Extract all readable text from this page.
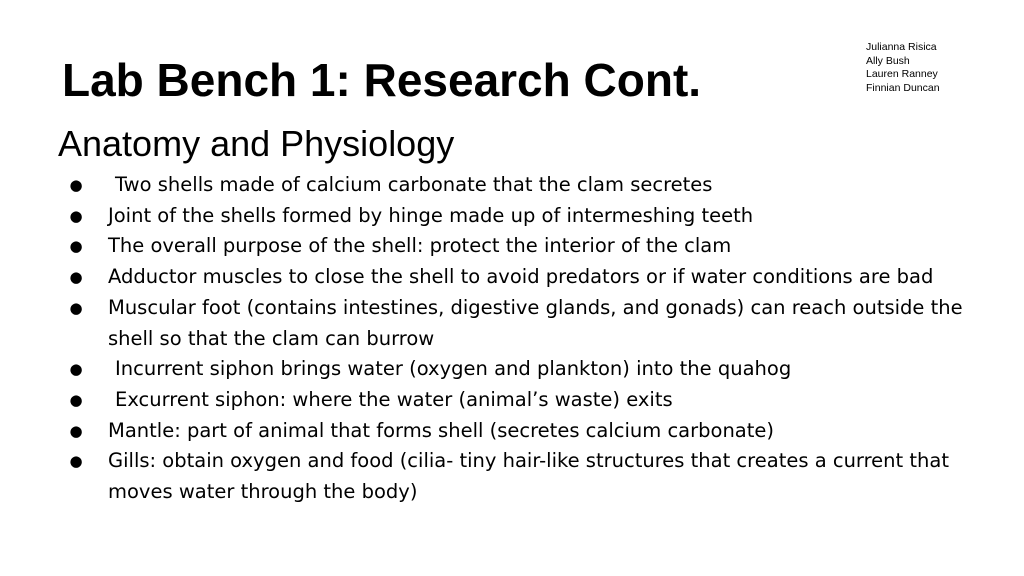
Lab Bench 1: Research Cont.
Julianna Risica
Ally Bush
Lauren Ranney
Finnian Duncan
Anatomy and Physiology
●	Two shells made of calcium carbonate that the clam secretes
● Joint of the shells formed by hinge made up of intermeshing teeth
● The overall purpose of the shell: protect the interior of the clam
● Adductor muscles to close the shell to avoid predators or if water conditions are bad
● Muscular foot (contains intestines, digestive glands, and gonads) can reach outside the shell so that the clam can burrow
●	Incurrent siphon brings water (oxygen and plankton) into the quahog
●	Excurrent siphon: where the water (animal’s waste) exits
● Mantle: part of animal that forms shell (secretes calcium carbonate)
● Gills: obtain oxygen and food (cilia- tiny hair-like structures that creates a current that moves water through the body)
